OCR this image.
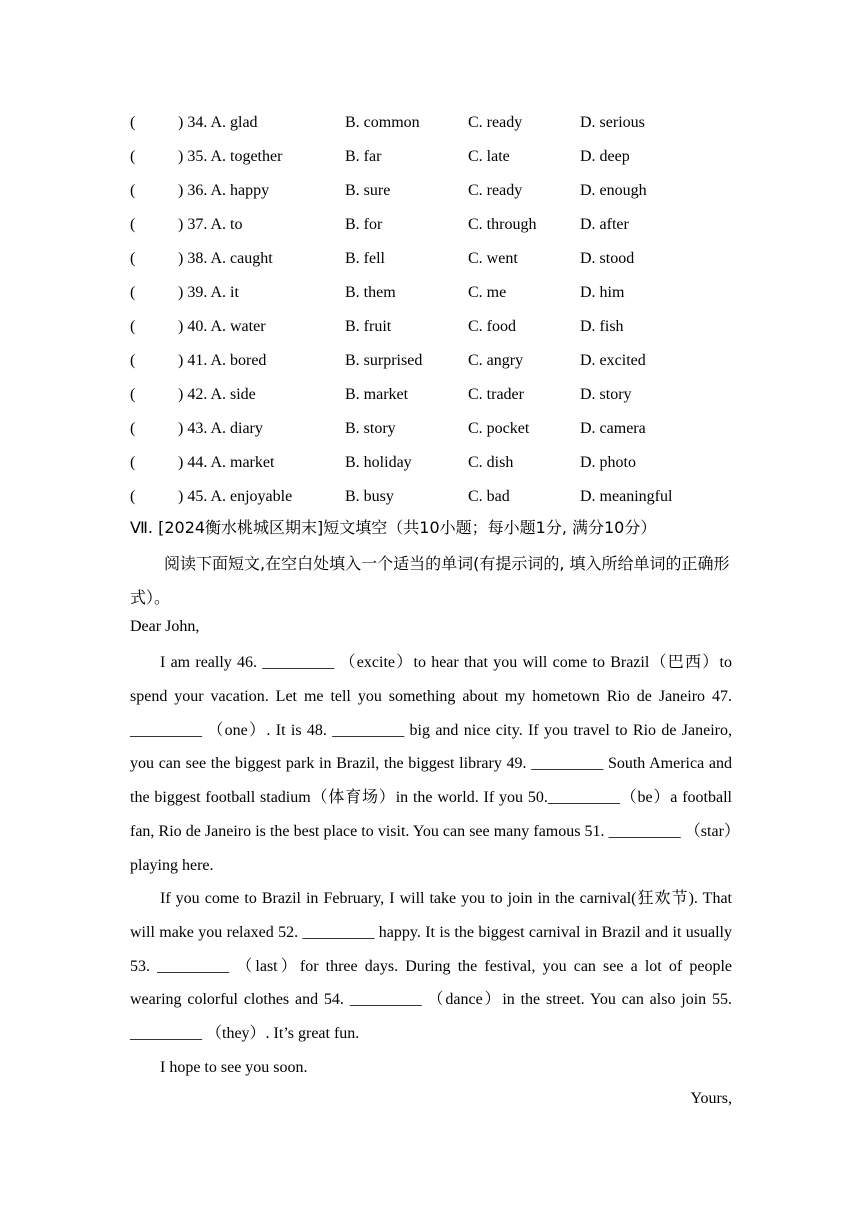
(	) 34. A. glad	B. common	C. ready	D. serious
(	) 35. A. together	B. far	C. late	D. deep
(	) 36. A. happy	B. sure	C. ready	D. enough
(	) 37. A. to	B. for	C. through	D. after
(	) 38. A. caught	B. fell	C. went	D. stood
(	) 39. A. it	B. them	C. me	D. him
(	) 40. A. water	B. fruit	C. food	D. fish
(	) 41. A. bored	B. surprised	C. angry	D. excited
(	) 42. A. side	B. market	C. trader	D. story
(	) 43. A. diary	B. story	C. pocket	D. camera
(	) 44. A. market	B. holiday	C. dish	D. photo
(	) 45. A. enjoyable	B. busy	C. bad	D. meaningful
Ⅶ. [2024衡水桃城区期末]短文填空（共10小题；每小题1分, 满分10分）
阅读下面短文,在空白处填入一个适当的单词(有提示词的, 填入所给单词的正确形式）。
Dear John,
I am really 46. _________ （excite）to hear that you will come to Brazil（巴西）to spend your vacation. Let me tell you something about my hometown Rio de Janeiro 47. _________ （one）. It is 48. _________ big and nice city. If you travel to Rio de Janeiro, you can see the biggest park in Brazil, the biggest library 49. _________ South America and the biggest football stadium（体育场）in the world. If you 50._________（be）a football fan, Rio de Janeiro is the best place to visit. You can see many famous 51. _________ （star）playing here.
If you come to Brazil in February, I will take you to join in the carnival(狂欢节). That will make you relaxed 52. _________ happy. It is the biggest carnival in Brazil and it usually 53. _________ （last）for three days. During the festival, you can see a lot of people wearing colorful clothes and 54. _________ （dance）in the street. You can also join 55. _________ （they）. It’s great fun.
I hope to see you soon.
Yours,
